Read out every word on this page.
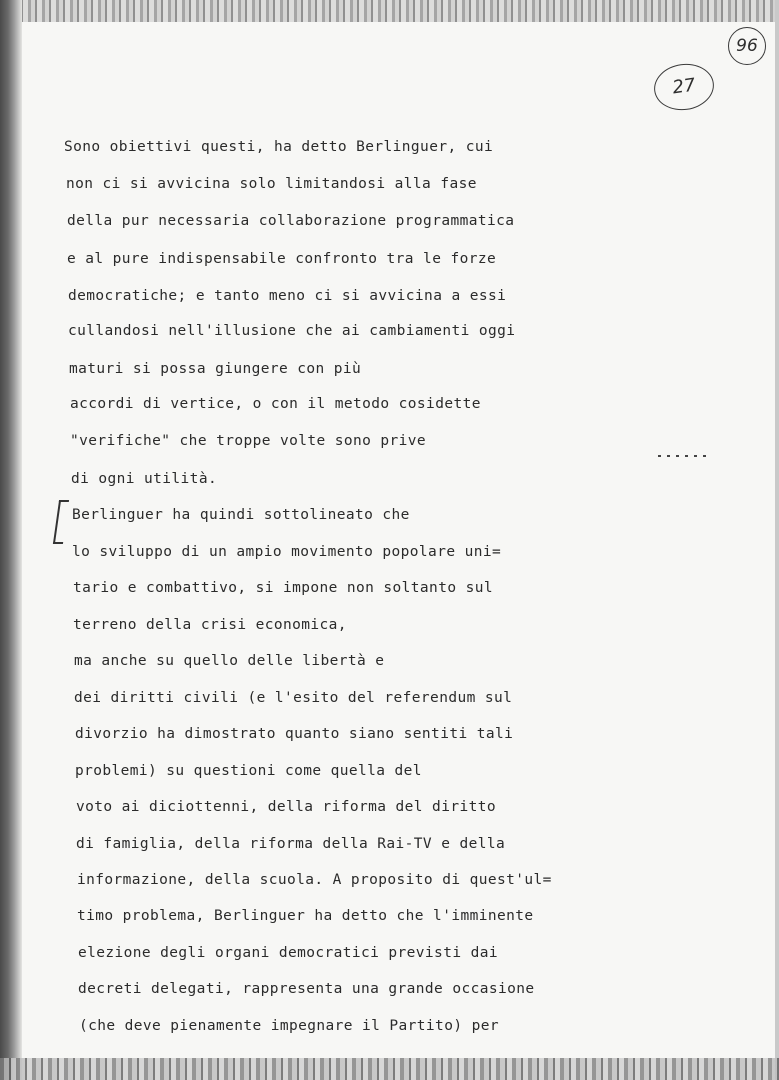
96
27
Sono obiettivi questi, ha detto Berlinguer, cui
non ci si avvicina solo limitandosi alla fase
della pur necessaria collaborazione programmatica
e al pure indispensabile confronto tra le forze
democratiche; e tanto meno ci si avvicina a essi
cullandosi nell'illusione che ai cambiamenti oggi
maturi si possa giungere con più
accordi di vertice, o con il metodo cosidette
"verifiche" che troppe volte sono prive
di ogni utilità.
Berlinguer ha quindi sottolineato che
lo sviluppo di un ampio movimento popolare uni=
tario e combattivo, si impone non soltanto sul
terreno della crisi economica,
ma anche su quello delle libertà e
dei diritti civili (e l'esito del referendum sul
divorzio ha dimostrato quanto siano sentiti tali
problemi) su questioni come quella del
voto ai diciottenni, della riforma del diritto
di famiglia, della riforma della Rai-TV e della
informazione, della scuola. A proposito di quest'ul=
timo problema, Berlinguer ha detto che l'imminente
elezione degli organi democratici previsti dai
decreti delegati, rappresenta una grande occasione
(che deve pienamente impegnare il Partito) per
